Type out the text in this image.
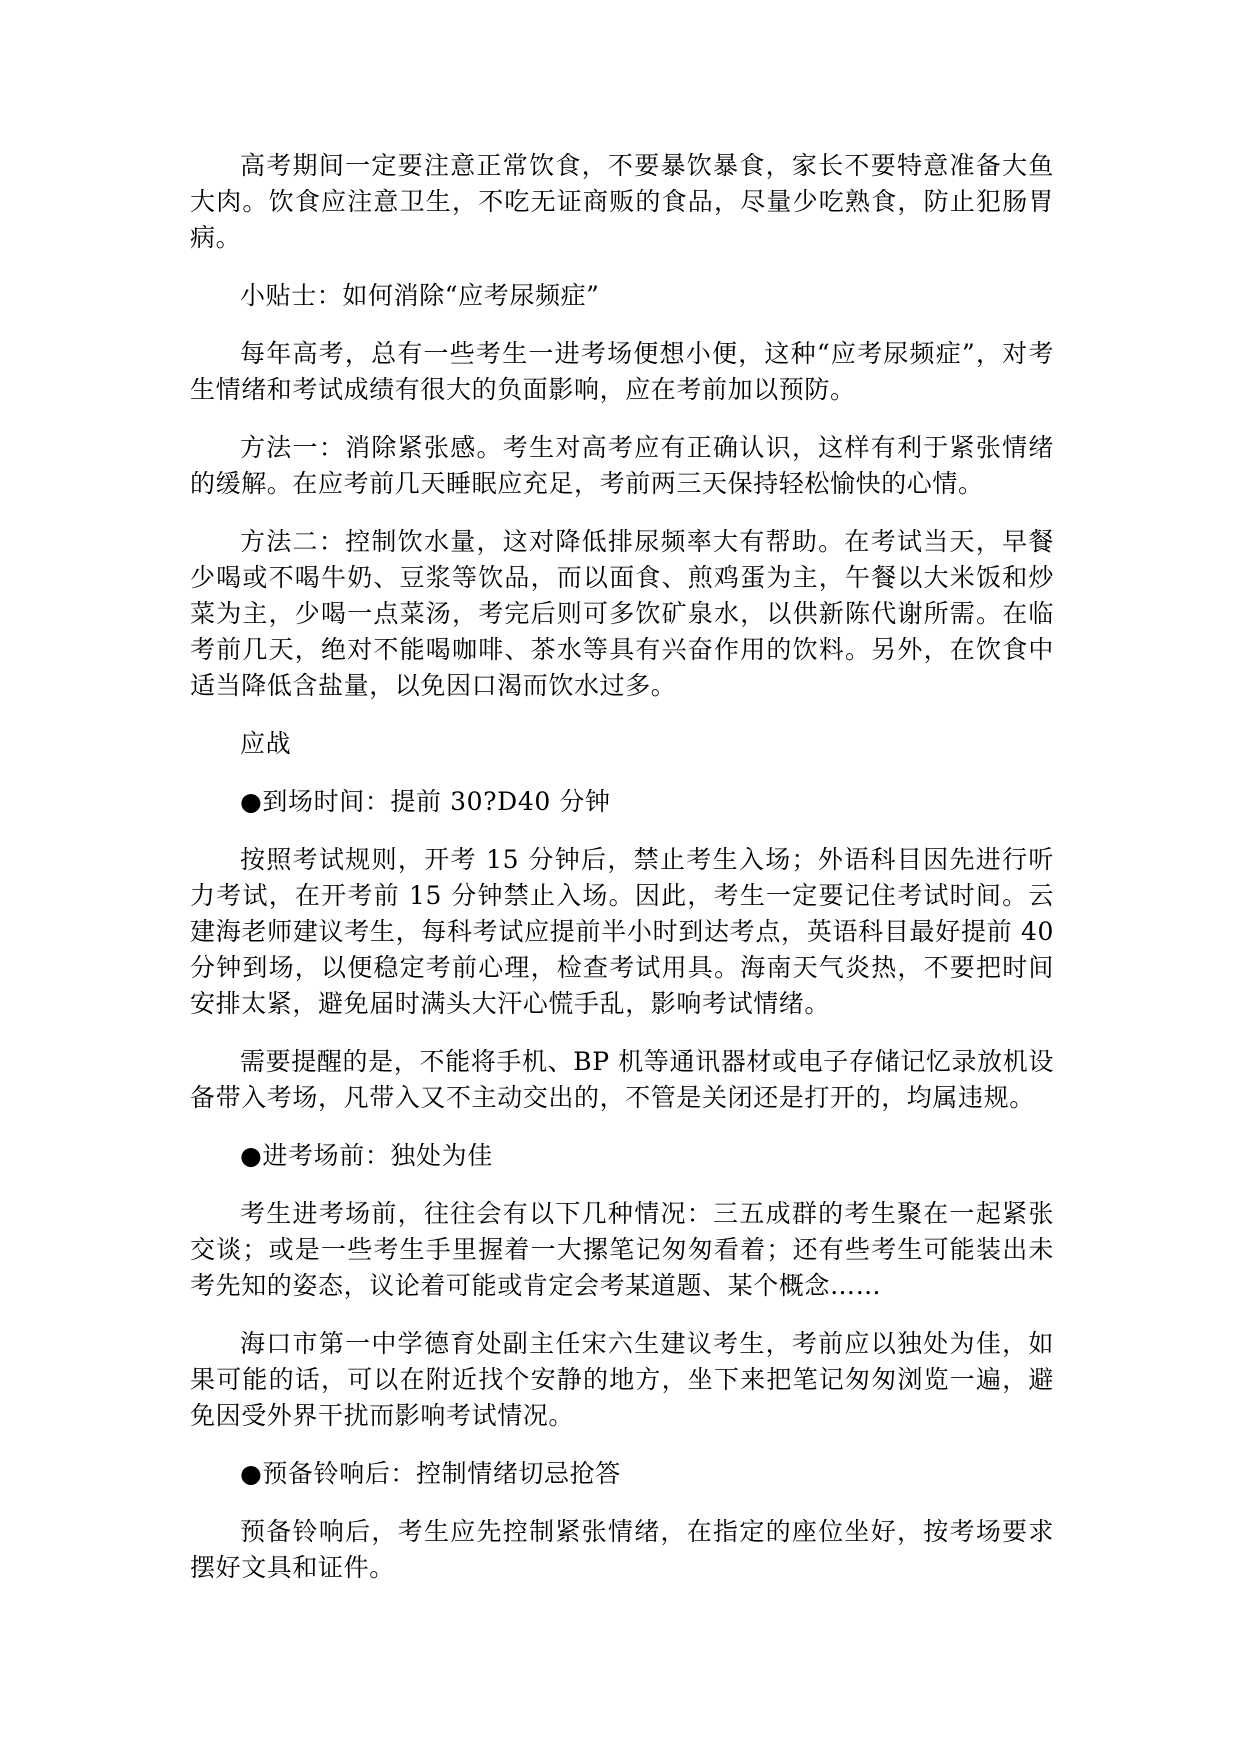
高考期间一定要注意正常饮食，不要暴饮暴食，家长不要特意准备大鱼大肉。饮食应注意卫生，不吃无证商贩的食品，尽量少吃熟食，防止犯肠胃病。

小贴士：如何消除“应考尿频症”

每年高考，总有一些考生一进考场便想小便，这种“应考尿频症”，对考生情绪和考试成绩有很大的负面影响，应在考前加以预防。

方法一：消除紧张感。考生对高考应有正确认识，这样有利于紧张情绪的缓解。在应考前几天睡眠应充足，考前两三天保持轻松愉快的心情。

方法二：控制饮水量，这对降低排尿频率大有帮助。在考试当天，早餐少喝或不喝牛奶、豆浆等饮品，而以面食、煎鸡蛋为主，午餐以大米饭和炒菜为主，少喝一点菜汤，考完后则可多饮矿泉水，以供新陈代谢所需。在临考前几天，绝对不能喝咖啡、茶水等具有兴奋作用的饮料。另外，在饮食中适当降低含盐量，以免因口渴而饮水过多。

应战

●到场时间：提前 30?D40 分钟

按照考试规则，开考 15 分钟后，禁止考生入场；外语科目因先进行听力考试，在开考前 15 分钟禁止入场。因此，考生一定要记住考试时间。云建海老师建议考生，每科考试应提前半小时到达考点，英语科目最好提前 40 分钟到场，以便稳定考前心理，检查考试用具。海南天气炎热，不要把时间安排太紧，避免届时满头大汗心慌手乱，影响考试情绪。

需要提醒的是，不能将手机、BP 机等通讯器材或电子存储记忆录放机设备带入考场，凡带入又不主动交出的，不管是关闭还是打开的，均属违规。

●进考场前：独处为佳

考生进考场前，往往会有以下几种情况：三五成群的考生聚在一起紧张交谈；或是一些考生手里握着一大摞笔记匆匆看着；还有些考生可能装出未考先知的姿态，议论着可能或肯定会考某道题、某个概念……

海口市第一中学德育处副主任宋六生建议考生，考前应以独处为佳，如果可能的话，可以在附近找个安静的地方，坐下来把笔记匆匆浏览一遍，避免因受外界干扰而影响考试情况。

●预备铃响后：控制情绪切忌抢答

预备铃响后，考生应先控制紧张情绪，在指定的座位坐好，按考场要求摆好文具和证件。
